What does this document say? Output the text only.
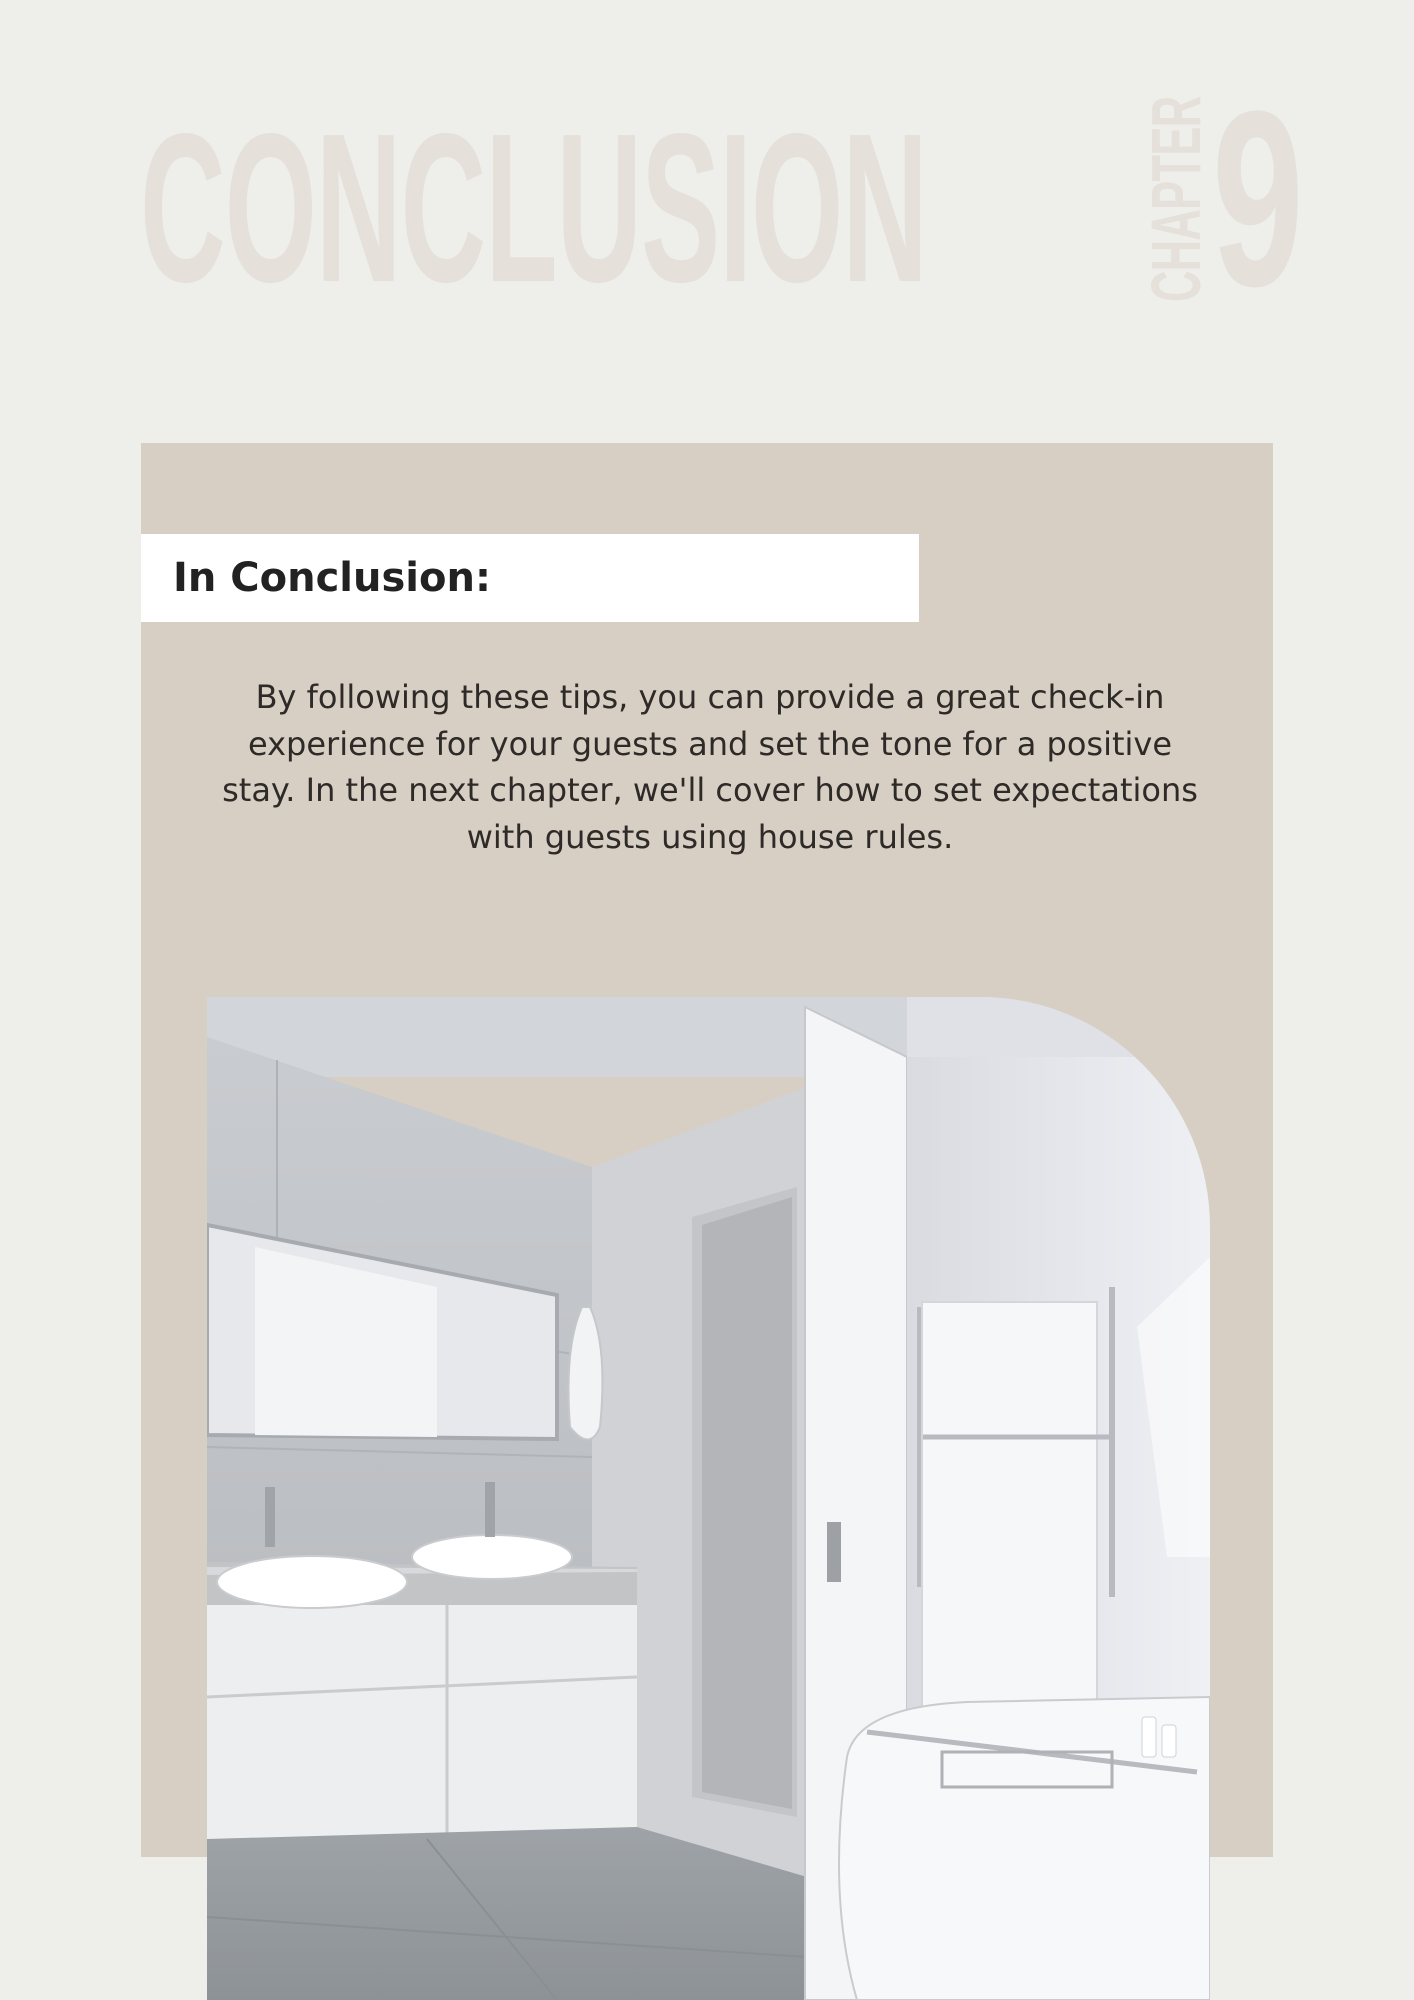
CONCLUSION	CHAPTER
9
In Conclusion:
By following these tips, you can provide a great check-in experience for your guests and set the tone for a positive stay. In the next chapter, we'll cover how to set expectations with guests using house rules.
